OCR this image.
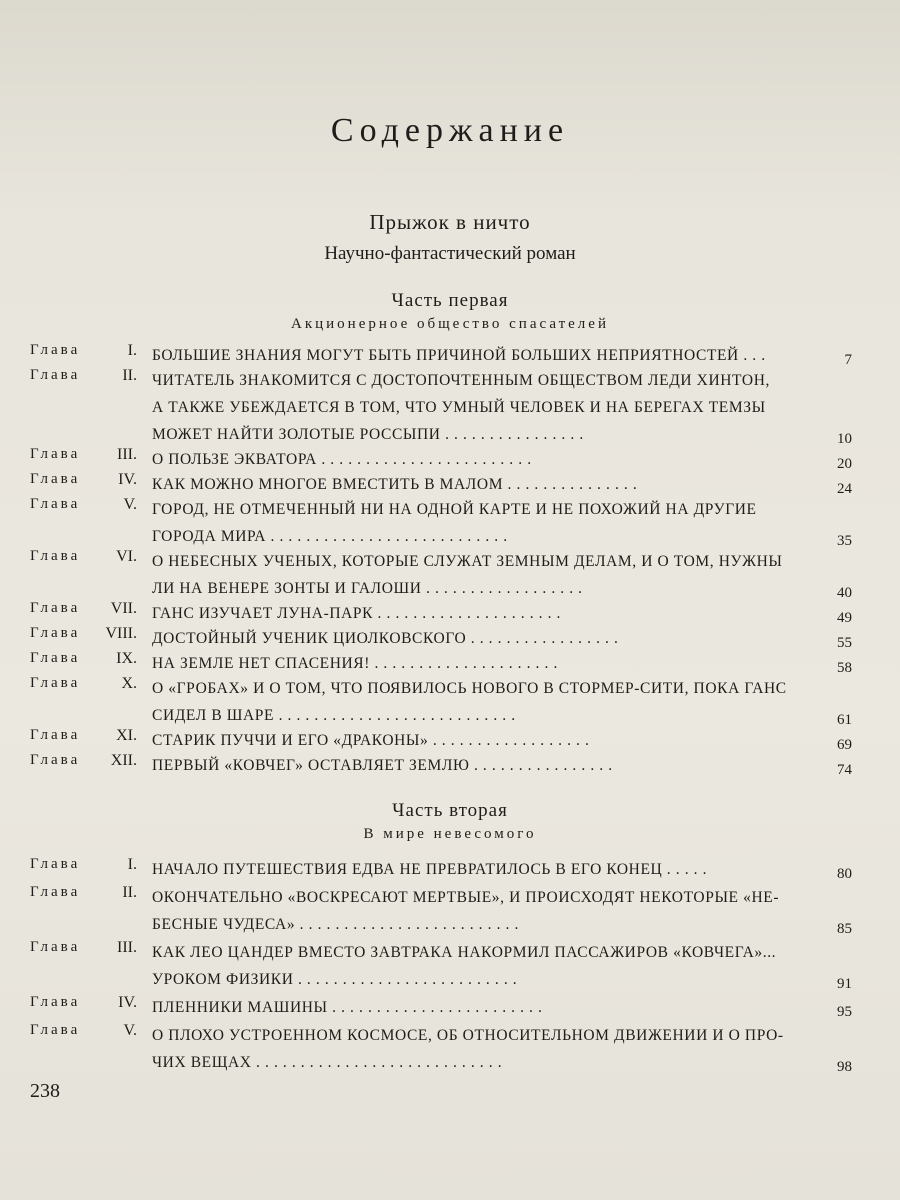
Содержание
Прыжок в ничто
Научно-фантастический роман
Часть первая
Акционерное общество спасателей
Глава	I. БОЛЬШИЕ ЗНАНИЯ МОГУТ БЫТЬ ПРИЧИНОЙ БОЛЬШИХ НЕПРИЯТНОСТЕЙ . . .	7
Глава	II. ЧИТАТЕЛЬ ЗНАКОМИТСЯ С ДОСТОПОЧТЕННЫМ ОБЩЕСТВОМ ЛЕДИ ХИНТОН,
А ТАКЖЕ УБЕЖДАЕТСЯ В ТОМ, ЧТО УМНЫЙ ЧЕЛОВЕК И НА БЕРЕГАХ ТЕМЗЫ
МОЖЕТ НАЙТИ ЗОЛОТЫЕ РОССЫПИ . . . . . . . . . . . . . . . .	10
Глава III. О ПОЛЬЗЕ ЭКВАТОРА . . . . . . . . . . . . . . . . . . . . . . . .	20
Глава IV. КАК МОЖНО МНОГОЕ ВМЕСТИТЬ В МАЛОМ . . . . . . . . . . . . . . .	24
Глава	V. ГОРОД, НЕ ОТМЕЧЕННЫЙ НИ НА ОДНОЙ КАРТЕ И НЕ ПОХОЖИЙ НА ДРУГИЕ
ГОРОДА МИРА . . . . . . . . . . . . . . . . . . . . . . . . . . .	35
Глава VI. О НЕБЕСНЫХ УЧЕНЫХ, КОТОРЫЕ СЛУЖАТ ЗЕМНЫМ ДЕЛАМ, И О ТОМ, НУЖНЫ
ЛИ НА ВЕНЕРЕ ЗОНТЫ И ГАЛОШИ . . . . . . . . . . . . . . . . . .	40
Глава VII. ГАНС ИЗУЧАЕТ ЛУНА-ПАРК . . . . . . . . . . . . . . . . . . . . .	49
Глава VIII. ДОСТОЙНЫЙ УЧЕНИК ЦИОЛКОВСКОГО . . . . . . . . . . . . . . . . .	55
Глава IX. НА ЗЕМЛЕ НЕТ СПАСЕНИЯ! . . . . . . . . . . . . . . . . . . . . .	58
Глава	X. О «ГРОБАХ» И О ТОМ, ЧТО ПОЯВИЛОСЬ НОВОГО В СТОРМЕР-СИТИ, ПОКА ГАНС
СИДЕЛ В ШАРЕ . . . . . . . . . . . . . . . . . . . . . . . . . . .	61
Глава XI. СТАРИК ПУЧЧИ И ЕГО «ДРАКОНЫ» . . . . . . . . . . . . . . . . . .	69
Глава XII. ПЕРВЫЙ «КОВЧЕГ» ОСТАВЛЯЕТ ЗЕМЛЮ . . . . . . . . . . . . . . . .	74
Часть вторая
В мире невесомого
Глава	I. НАЧАЛО ПУТЕШЕСТВИЯ ЕДВА НЕ ПРЕВРАТИЛОСЬ В ЕГО КОНЕЦ . . . . .	80
Глава	II. ОКОНЧАТЕЛЬНО «ВОСКРЕСАЮТ МЕРТВЫЕ», И ПРОИСХОДЯТ НЕКОТОРЫЕ «НЕ-
БЕСНЫЕ ЧУДЕСА» . . . . . . . . . . . . . . . . . . . . . . . . .	85
Глава III. КАК ЛЕО ЦАНДЕР ВМЕСТО ЗАВТРАКА НАКОРМИЛ ПАССАЖИРОВ «КОВЧЕГА»...
УРОКОМ ФИЗИКИ . . . . . . . . . . . . . . . . . . . . . . . . .	91
Глава IV. ПЛЕННИКИ МАШИНЫ . . . . . . . . . . . . . . . . . . . . . . . .	95
Глава	V. О ПЛОХО УСТРОЕННОМ КОСМОСЕ, ОБ ОТНОСИТЕЛЬНОМ ДВИЖЕНИИ И О ПРО-
ЧИХ ВЕЩАХ . . . . . . . . . . . . . . . . . . . . . . . . . . . .	98
238
